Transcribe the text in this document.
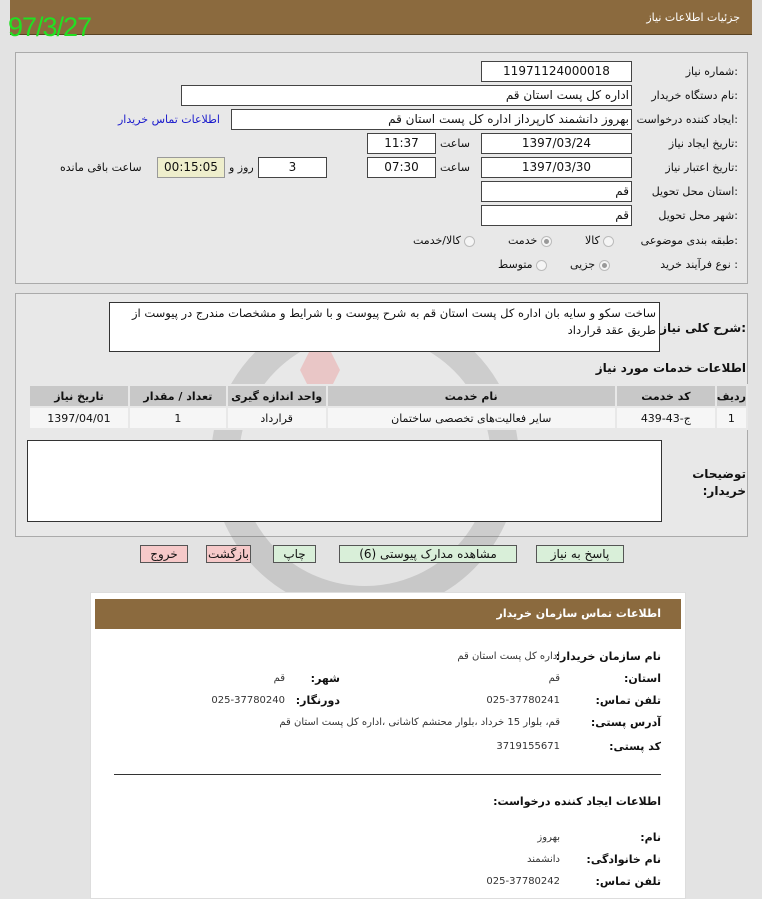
جزئیات اطلاعات نیاز
97/3/27
شماره نیاز:
1197112400001‌8
نام دستگاه خریدار:
اداره کل پست استان قم
ایجاد کننده درخواست:
بهروز دانشمند کارپرداز اداره کل پست استان قم
اطلاعات تماس خریدار
تاریخ ایجاد نیاز:
1397/03/24
ساعت
11:37
تاریخ اعتبار نیاز:
1397/03/30
ساعت
07:30
3
روز و
00:15:05
ساعت باقی مانده
استان محل تحویل:
قم
شهر محل تحویل:
قم
طبقه بندی موضوعی:
کالا
خدمت
کالا/خدمت
نوع فرآیند خرید :
جزیی
متوسط
شرح کلی نیاز:
ساخت سکو و سایه بان اداره کل پست استان قم به شرح پیوست و با شرایط و مشخصات مندرج در پیوست از طریق عقد قرارداد
اطلاعات خدمات مورد نیاز
ردیف	کد خدمت	نام خدمت	واحد اندازه گیری	تعداد / مقدار	تاریخ نیاز
1	ج-43-439	سایر فعالیت‌های تخصصی ساختمان	قرارداد	1	1397/04/01
توضیحات خریدار:
پاسخ به نیاز
مشاهده مدارک پیوستی (6)
چاپ
بازگشت
خروج
اطلاعات تماس سازمان خریدار
نام سازمان خریدار:
اداره کل پست استان قم
استان:
قم
شهر:
قم
تلفن تماس:
025-37780241
دورنگار:
025-37780240
آدرس پستی:
قم، بلوار 15 خرداد ،بلوار محتشم کاشانی ،اداره کل پست استان قم
کد پستی:
3719155671
اطلاعات ایجاد کننده درخواست:
نام:
بهروز
نام خانوادگی:
دانشمند
تلفن تماس:
025-37780242
